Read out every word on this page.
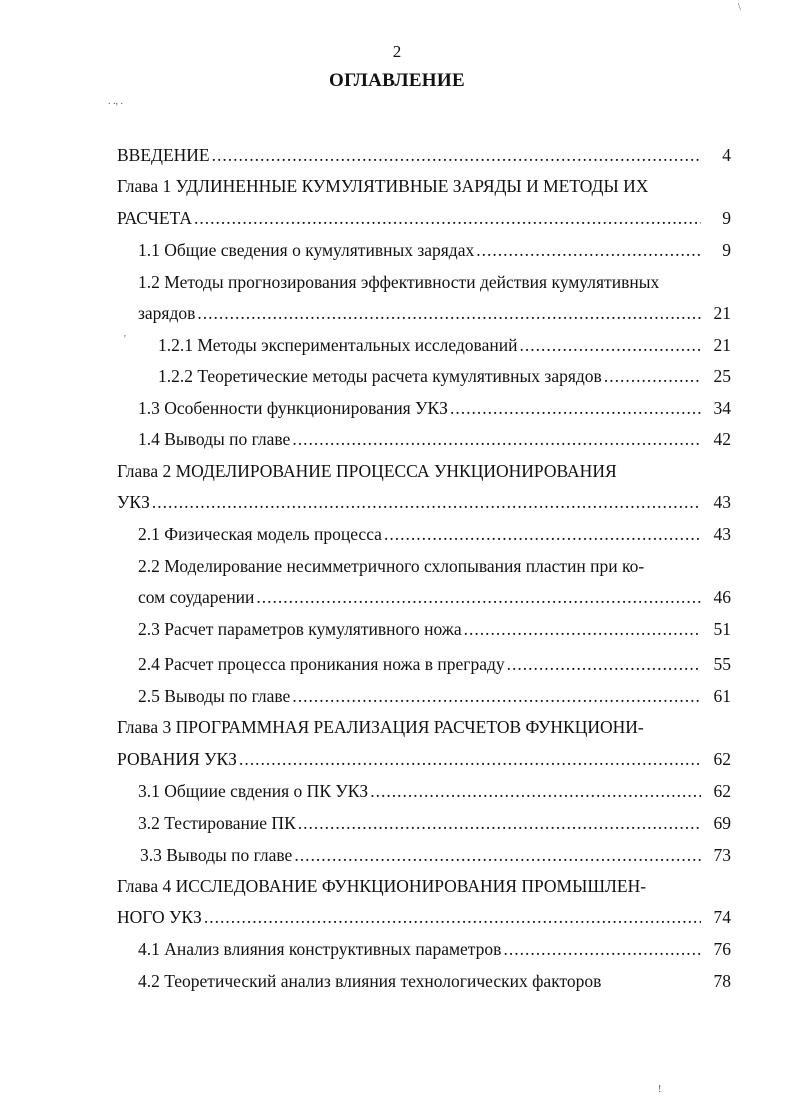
2
ОГЛАВЛЕНИЕ
. ., .
'
!
\
ВВЕДЕНИЕ .....	4
Глава 1 УДЛИНЕННЫЕ КУМУЛЯТИВНЫЕ ЗАРЯДЫ И МЕТОДЫ ИХ
РАСЧЕТА .....	9
1.1 Общие сведения о кумулятивных зарядах .....	9
1.2 Методы прогнозирования эффективности действия кумулятивных
зарядов .....	21
1.2.1 Методы экспериментальных исследований .....	21
1.2.2 Теоретические методы расчета кумулятивных зарядов .....	25
1.3 Особенности функционирования УКЗ .....	34
1.4 Выводы по главе .....	42
Глава 2 МОДЕЛИРОВАНИЕ ПРОЦЕССА УНКЦИОНИРОВАНИЯ
УКЗ .....	43
2.1 Физическая модель процесса .....	43
2.2 Моделирование несимметричного схлопывания пластин при ко-
сом соударении .....	46
2.3 Расчет параметров кумулятивного ножа .....	51
2.4 Расчет процесса проникания ножа в преграду .....	55
2.5 Выводы по главе .....	61
Глава 3 ПРОГРАММНАЯ РЕАЛИЗАЦИЯ РАСЧЕТОВ ФУНКЦИОНИ-
РОВАНИЯ УКЗ .....	62
3.1 Общиие свдения о ПК УКЗ .....	62
3.2 Тестирование ПК .....	69
3.3 Выводы по главе .....	73
Глава 4 ИССЛЕДОВАНИЕ ФУНКЦИОНИРОВАНИЯ ПРОМЫШЛЕН-
НОГО УКЗ .....	74
4.1 Анализ влияния конструктивных параметров .....	76
4.2 Теоретический анализ влияния технологических факторов	78
